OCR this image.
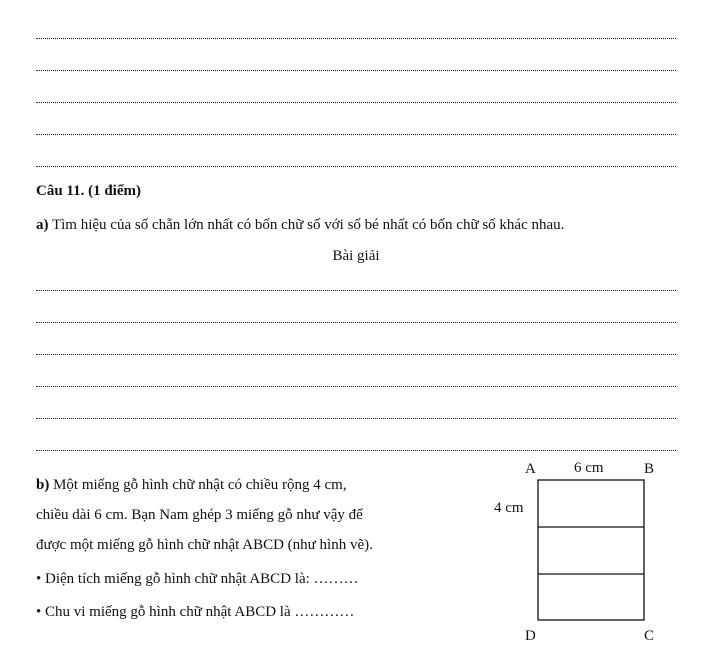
Câu 11. (1 điểm)
a) Tìm hiệu của số chẵn lớn nhất có bốn chữ số với số bé nhất có bốn chữ số khác nhau.
Bài giải
b) Một miếng gỗ hình chữ nhật có chiều rộng 4 cm,
chiều dài 6 cm. Bạn Nam ghép 3 miếng gỗ như vậy để
được một miếng gỗ hình chữ nhật ABCD (như hình vẽ).
• Diện tích miếng gỗ hình chữ nhật ABCD là: ………
• Chu vi miếng gỗ hình chữ nhật ABCD là …………
A	B
6 cm
4 cm
D	C
